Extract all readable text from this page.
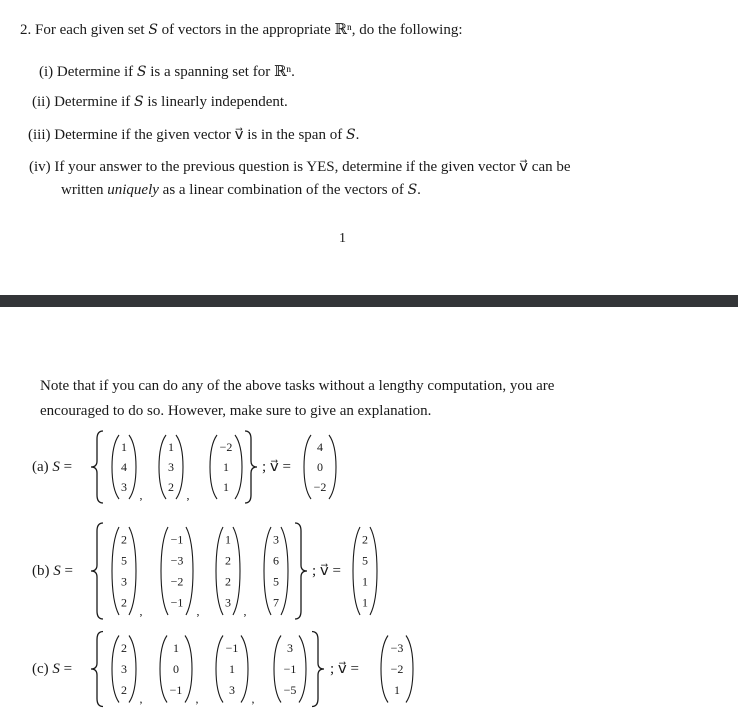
2. For each given set S of vectors in the appropriate ℝⁿ, do the following:
(i) Determine if S is a spanning set for ℝⁿ.
(ii) Determine if S is linearly independent.
(iii) Determine if the given vector v⃗ is in the span of S.
(iv) If your answer to the previous question is YES, determine if the given vector v⃗ can be
written uniquely as a linear combination of the vectors of S.
1
Note that if you can do any of the above tasks without a lengthy computation, you are
encouraged to do so. However, make sure to give an explanation.
(a) S =
1
4
3
,
1
3
2
,
−2
1
1
; v⃗ =
4
0
−2
(b) S =
2
5
3
2
,
−1
−3
−2
−1
,
1
2
2
3
,
3
6
5
7
; v⃗ =
2
5
1
1
(c) S =
2
3
2
,
1
0
−1
,
−1
1
3
,
3
−1
−5
; v⃗ =
−3
−2
1
